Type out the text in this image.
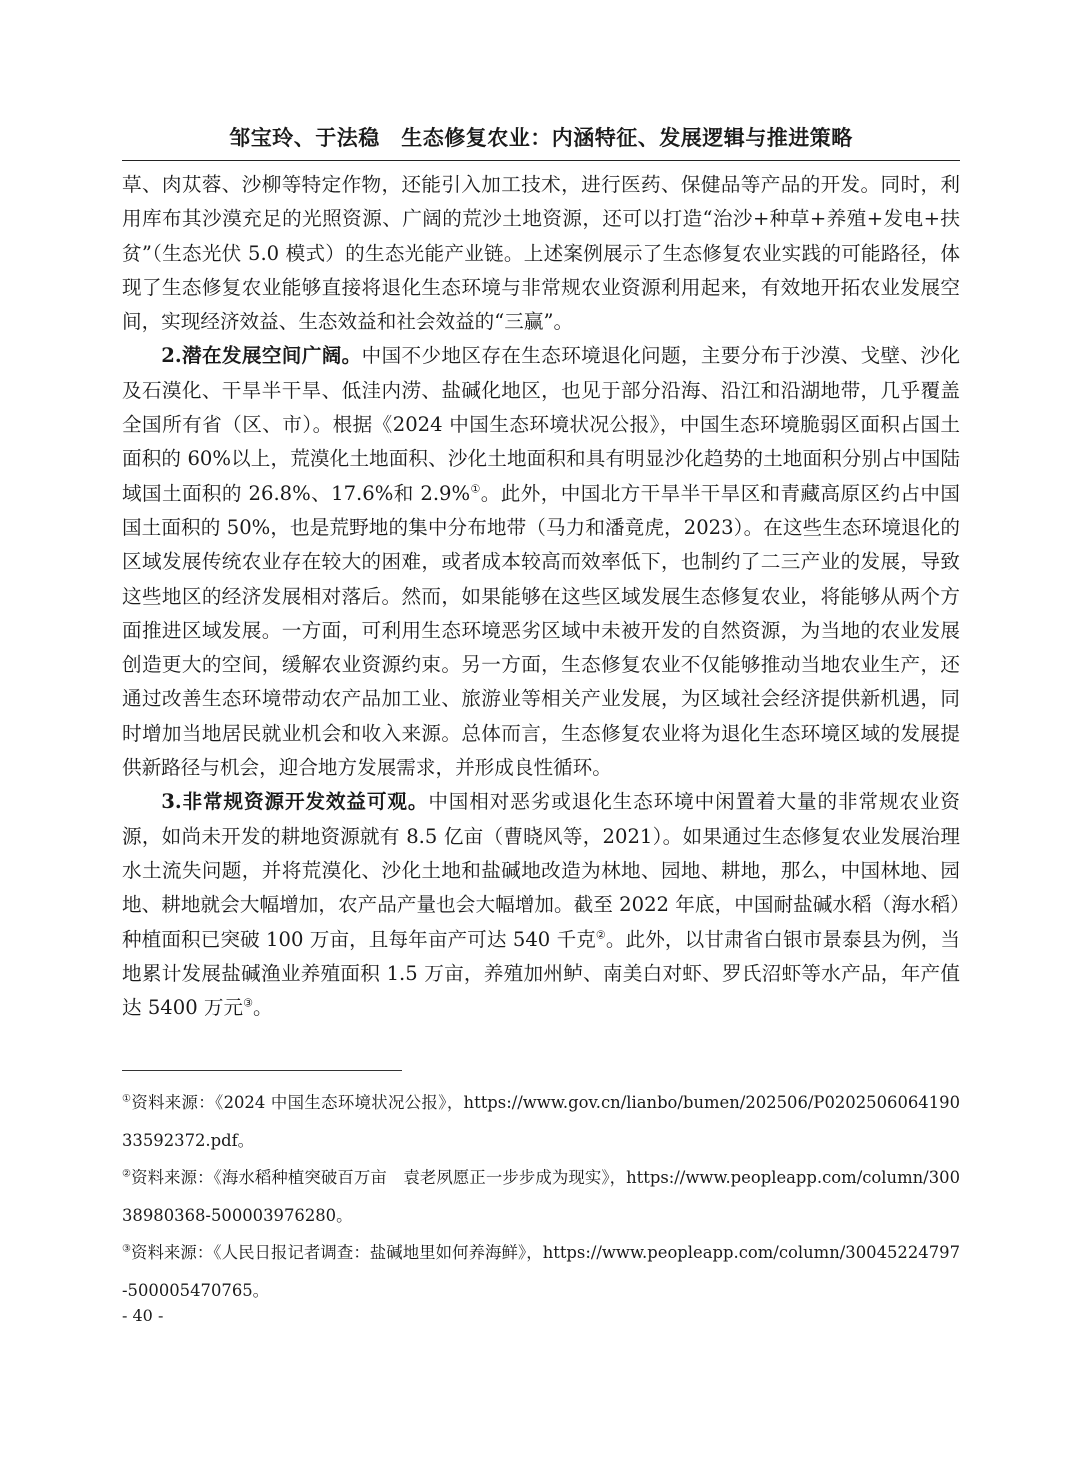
邹宝玲、于法稳　生态修复农业：内涵特征、发展逻辑与推进策略

草、肉苁蓉、沙柳等特定作物，还能引入加工技术，进行医药、保健品等产品的开发。同时，利用库布其沙漠充足的光照资源、广阔的荒沙土地资源，还可以打造“治沙+种草+养殖+发电+扶贫”（生态光伏 5.0 模式）的生态光能产业链。上述案例展示了生态修复农业实践的可能路径，体现了生态修复农业能够直接将退化生态环境与非常规农业资源利用起来，有效地开拓农业发展空间，实现经济效益、生态效益和社会效益的“三赢”。

2.潜在发展空间广阔。中国不少地区存在生态环境退化问题，主要分布于沙漠、戈壁、沙化及石漠化、干旱半干旱、低洼内涝、盐碱化地区，也见于部分沿海、沿江和沿湖地带，几乎覆盖全国所有省（区、市）。根据《2024 中国生态环境状况公报》，中国生态环境脆弱区面积占国土面积的 60%以上，荒漠化土地面积、沙化土地面积和具有明显沙化趋势的土地面积分别占中国陆域国土面积的 26.8%、17.6%和 2.9%①。此外，中国北方干旱半干旱区和青藏高原区约占中国国土面积的 50%，也是荒野地的集中分布地带（马力和潘竟虎，2023）。在这些生态环境退化的区域发展传统农业存在较大的困难，或者成本较高而效率低下，也制约了二三产业的发展，导致这些地区的经济发展相对落后。然而，如果能够在这些区域发展生态修复农业，将能够从两个方面推进区域发展。一方面，可利用生态环境恶劣区域中未被开发的自然资源，为当地的农业发展创造更大的空间，缓解农业资源约束。另一方面，生态修复农业不仅能够推动当地农业生产，还通过改善生态环境带动农产品加工业、旅游业等相关产业发展，为区域社会经济提供新机遇，同时增加当地居民就业机会和收入来源。总体而言，生态修复农业将为退化生态环境区域的发展提供新路径与机会，迎合地方发展需求，并形成良性循环。

3.非常规资源开发效益可观。中国相对恶劣或退化生态环境中闲置着大量的非常规农业资源，如尚未开发的耕地资源就有 8.5 亿亩（曹晓风等，2021）。如果通过生态修复农业发展治理水土流失问题，并将荒漠化、沙化土地和盐碱地改造为林地、园地、耕地，那么，中国林地、园地、耕地就会大幅增加，农产品产量也会大幅增加。截至 2022 年底，中国耐盐碱水稻（海水稻）种植面积已突破 100 万亩，且每年亩产可达 540 千克②。此外，以甘肃省白银市景泰县为例，当地累计发展盐碱渔业养殖面积 1.5 万亩，养殖加州鲈、南美白对虾、罗氏沼虾等水产品，年产值达 5400 万元③。

①资料来源：《2024 中国生态环境状况公报》，https://www.gov.cn/lianbo/bumen/202506/P020250606419033592372.pdf。

②资料来源：《海水稻种植突破百万亩　袁老夙愿正一步步成为现实》，https://www.peopleapp.com/column/30038980368-500003976280。

③资料来源：《人民日报记者调查：盐碱地里如何养海鲜》，https://www.peopleapp.com/column/30045224797-500005470765。

- 40 -
